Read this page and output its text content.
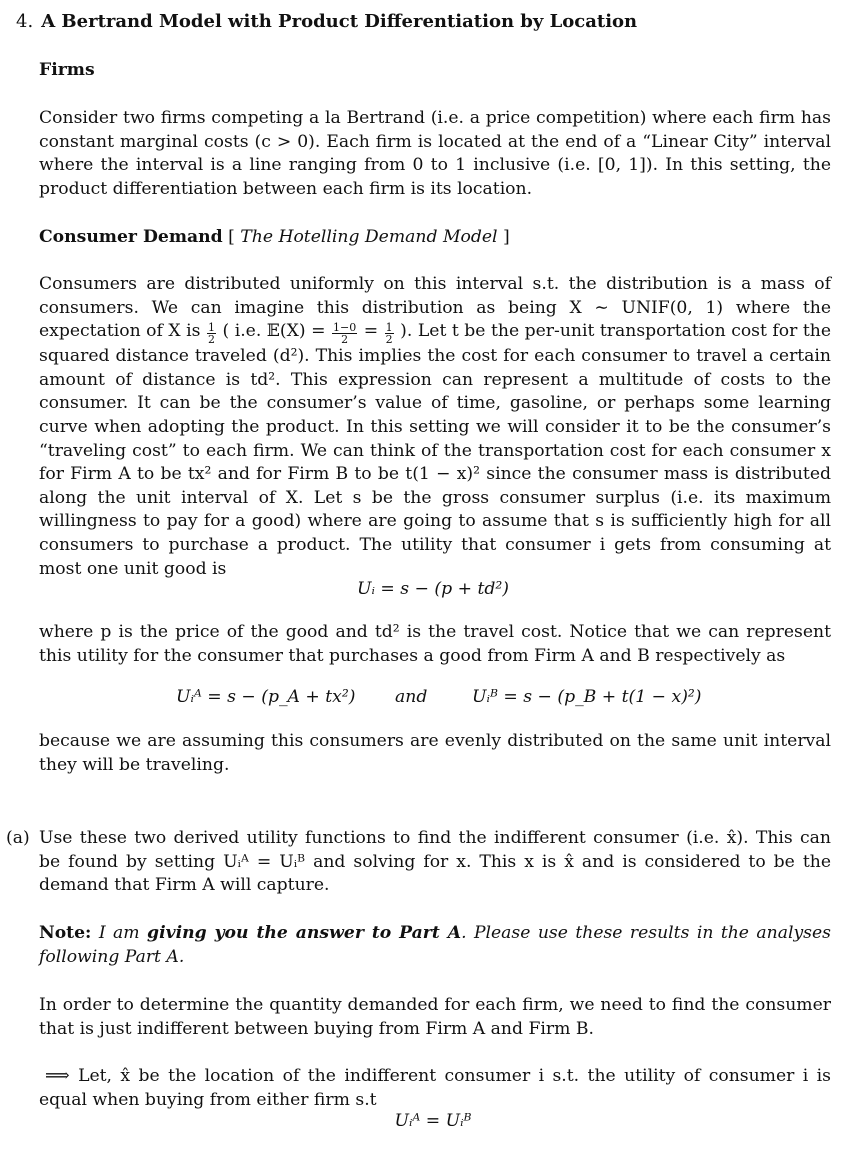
4. A Bertrand Model with Product Differentiation by Location
Firms
Consider two firms competing a la Bertrand (i.e. a price competition) where each firm has constant marginal costs (c > 0). Each firm is located at the end of a “Linear City” interval where the interval is a line ranging from 0 to 1 inclusive (i.e. [0, 1]). In this setting, the product differentiation between each firm is its location.
Consumer Demand [ The Hotelling Demand Model ]
Consumers are distributed uniformly on this interval s.t. the distribution is a mass of consumers. We can imagine this distribution as being X ∼ UNIF(0, 1) where the expectation of X is $\frac{1}{2}$ ( i.e. 𝔼(X) = $\frac{1-0}{2} = \frac{1}{2}$ ). Let t be the per-unit transportation cost for the squared distance traveled (d²). This implies the cost for each consumer to travel a certain amount of distance is td². This expression can represent a multitude of costs to the consumer. It can be the consumer’s value of time, gasoline, or perhaps some learning curve when adopting the product. In this setting we will consider it to be the consumer’s “traveling cost” to each firm. We can think of the transportation cost for each consumer x for Firm A to be tx² and for Firm B to be t(1 − x)² since the consumer mass is distributed along the unit interval of X. Let s be the gross consumer surplus (i.e. its maximum willingness to pay for a good) where are going to assume that s is sufficiently high for all consumers to purchase a product. The utility that consumer i gets from consuming at most one unit good is
Uᵢ = s − (p + td²)
where p is the price of the good and td² is the travel cost. Notice that we can represent this utility for the consumer that purchases a good from Firm A and B respectively as
Uᵢᴬ = s − (p_A + tx²) and	Uᵢᴮ = s − (p_B + t(1 − x)²)
because we are assuming this consumers are evenly distributed on the same unit interval they will be traveling.
(a) Use these two derived utility functions to find the indifferent consumer (i.e. x̂). This can be found by setting Uᵢᴬ = Uᵢᴮ and solving for x. This x is x̂ and is considered to be the demand that Firm A will capture.
Note: I am giving you the answer to Part A. Please use these results in the analyses following Part A.
In order to determine the quantity demanded for each firm, we need to find the consumer that is just indifferent between buying from Firm A and Firm B.
⟹ Let, x̂ be the location of the indifferent consumer i s.t. the utility of consumer i is equal when buying from either firm s.t
Uᵢᴬ = Uᵢᴮ
